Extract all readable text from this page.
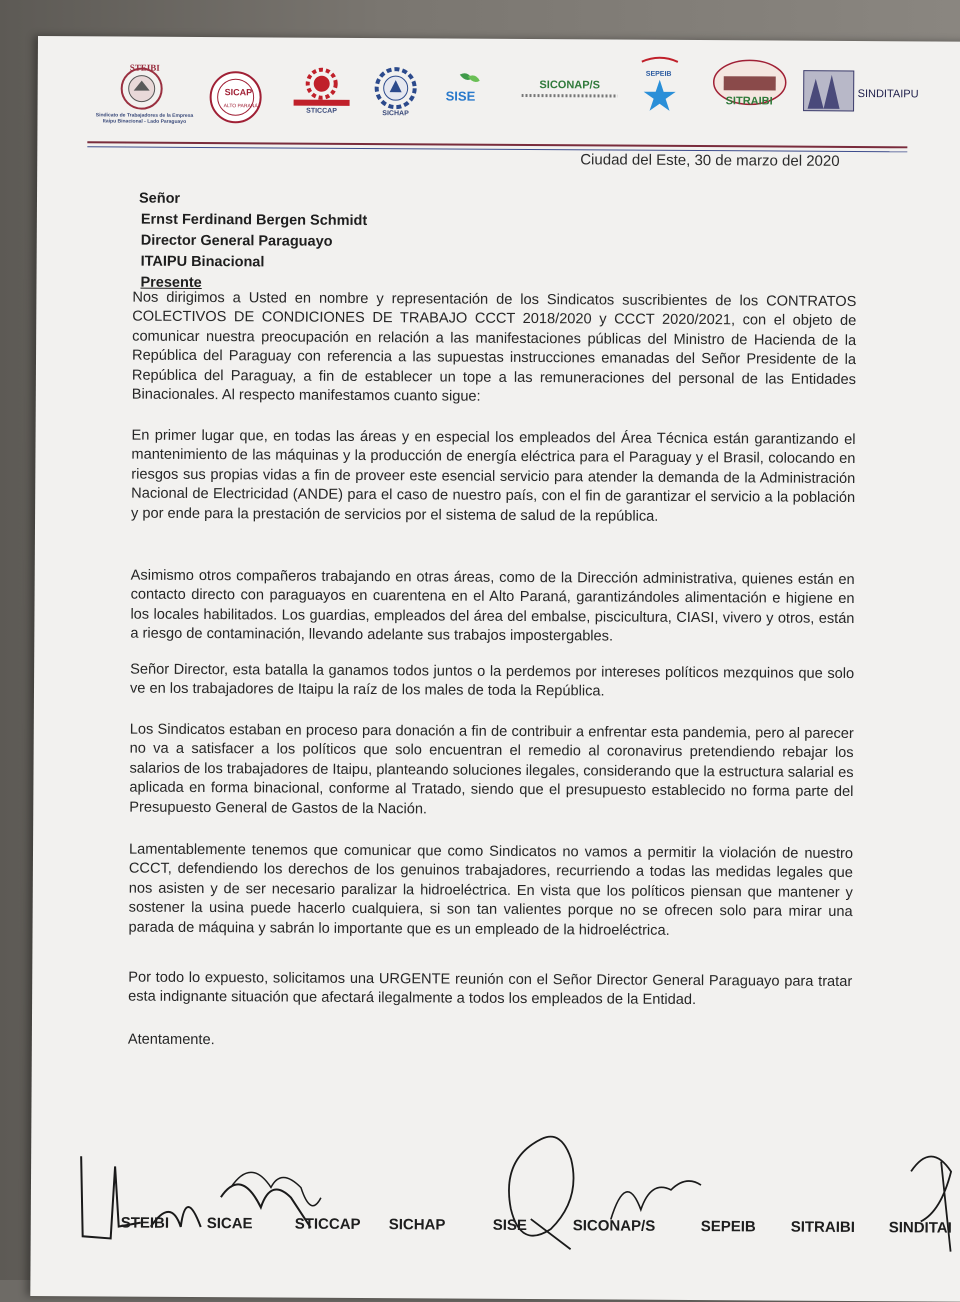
STEIBI
Sindicato de Trabajadores de la Empresa Itaipu Binacional - Lado Paraguayo
SICAP
ALTO PARANÁ
STICCAP	SICHAP
SISE
SICONAP/S
SEPEIB
SITRAIBI
SINDITAIPU
Ciudad del Este, 30 de marzo del 2020
Señor
Ernst Ferdinand Bergen Schmidt
Director General Paraguayo
ITAIPU Binacional
Presente
Nos dirigimos a Usted en nombre y representación de los Sindicatos suscribientes de los CONTRATOS COLECTIVOS DE CONDICIONES DE TRABAJO CCCT 2018/2020 y CCCT 2020/2021, con el objeto de comunicar nuestra preocupación en relación a las manifestaciones públicas del Ministro de Hacienda de la República del Paraguay con referencia a las supuestas instrucciones emanadas del Señor Presidente de la República del Paraguay, a fin de establecer un tope a las remuneraciones del personal de las Entidades Binacionales. Al respecto manifestamos cuanto sigue:
En primer lugar que, en todas las áreas y en especial los empleados del Área Técnica están garantizando el mantenimiento de las máquinas y la producción de energía eléctrica para el Paraguay y el Brasil, colocando en riesgos sus propias vidas a fin de proveer este esencial servicio para atender la demanda de la Administración Nacional de Electricidad (ANDE) para el caso de nuestro país, con el fin de garantizar el servicio a la población y por ende para la prestación de servicios por el sistema de salud de la república.
Asimismo otros compañeros trabajando en otras áreas, como de la Dirección administrativa, quienes están en contacto directo con paraguayos en cuarentena en el Alto Paraná, garantizándoles alimentación e higiene en los locales habilitados. Los guardias, empleados del área del embalse, piscicultura, CIASI, vivero y otros, están a riesgo de contaminación, llevando adelante sus trabajos impostergables.
Señor Director, esta batalla la ganamos todos juntos o la perdemos por intereses políticos mezquinos que solo ve en los trabajadores de Itaipu la raíz de los males de toda la República.
Los Sindicatos estaban en proceso para donación a fin de contribuir a enfrentar esta pandemia, pero al parecer no va a satisfacer a los políticos que solo encuentran el remedio al coronavirus pretendiendo rebajar los salarios de los trabajadores de Itaipu, planteando soluciones ilegales, considerando que la estructura salarial es aplicada en forma binacional, conforme al Tratado, siendo que el presupuesto establecido no forma parte del Presupuesto General de Gastos de la Nación.
Lamentablemente tenemos que comunicar que como Sindicatos no vamos a permitir la violación de nuestro CCCT, defendiendo los derechos de los genuinos trabajadores, recurriendo a todas las medidas legales que nos asisten y de ser necesario paralizar la hidroeléctrica. En vista que los políticos piensan que mantener y sostener la usina puede hacerlo cualquiera, si son tan valientes porque no se ofrecen solo para mirar una parada de máquina y sabrán lo importante que es un empleado de la hidroeléctrica.
Por todo lo expuesto, solicitamos una URGENTE reunión con el Señor Director General Paraguayo para tratar esta indignante situación que afectará ilegalmente a todos los empleados de la Entidad.
Atentamente.
STEIBI	SICAE	STICCAP SICHAP	SISE	SICONAP/S	SEPEIB SITRAIBI SINDITAI
